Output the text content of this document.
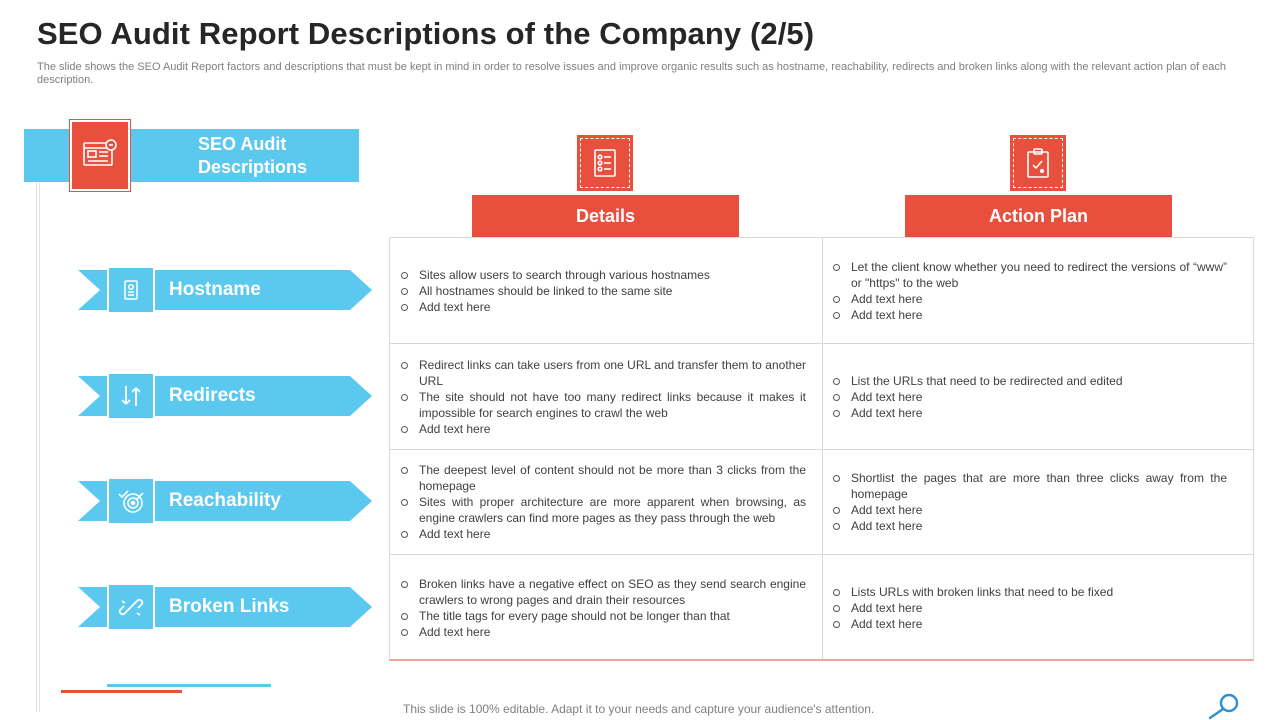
SEO Audit Report Descriptions of the Company (2/5)
The slide shows the SEO Audit Report factors and descriptions that must be kept in mind in order to resolve issues and improve organic results such as hostname, reachability, redirects and broken links along with the relevant action plan of each description.
SEO Audit Descriptions
Hostname
Redirects
Reachability
Broken Links
Details	Action Plan
Sites allow users to search through various hostnames
All hostnames should be linked to the same site
Add text here
Let the client know whether you need to redirect the versions of “www” or "https" to the web
Add text here
Add text here
Redirect links can take users from one URL and transfer them to another URL
The site should not have too many redirect links because it makes it impossible for search engines to crawl the web
Add text here
List the URLs that need to be redirected and edited
Add text here
Add text here
The deepest level of content should not be more than 3 clicks from the homepage
Sites with proper architecture are more apparent when browsing, as engine crawlers can find more pages as they pass through the web
Add text here
Shortlist the pages that are more than three clicks away from the homepage
Add text here
Add text here
Broken links have a negative effect on SEO as they send search engine crawlers to wrong pages and drain their resources
The title tags for every page should not be longer than that
Add text here
Lists URLs with broken links that need to be fixed
Add text here
Add text here
This slide is 100% editable. Adapt it to your needs and capture your audience's attention.
